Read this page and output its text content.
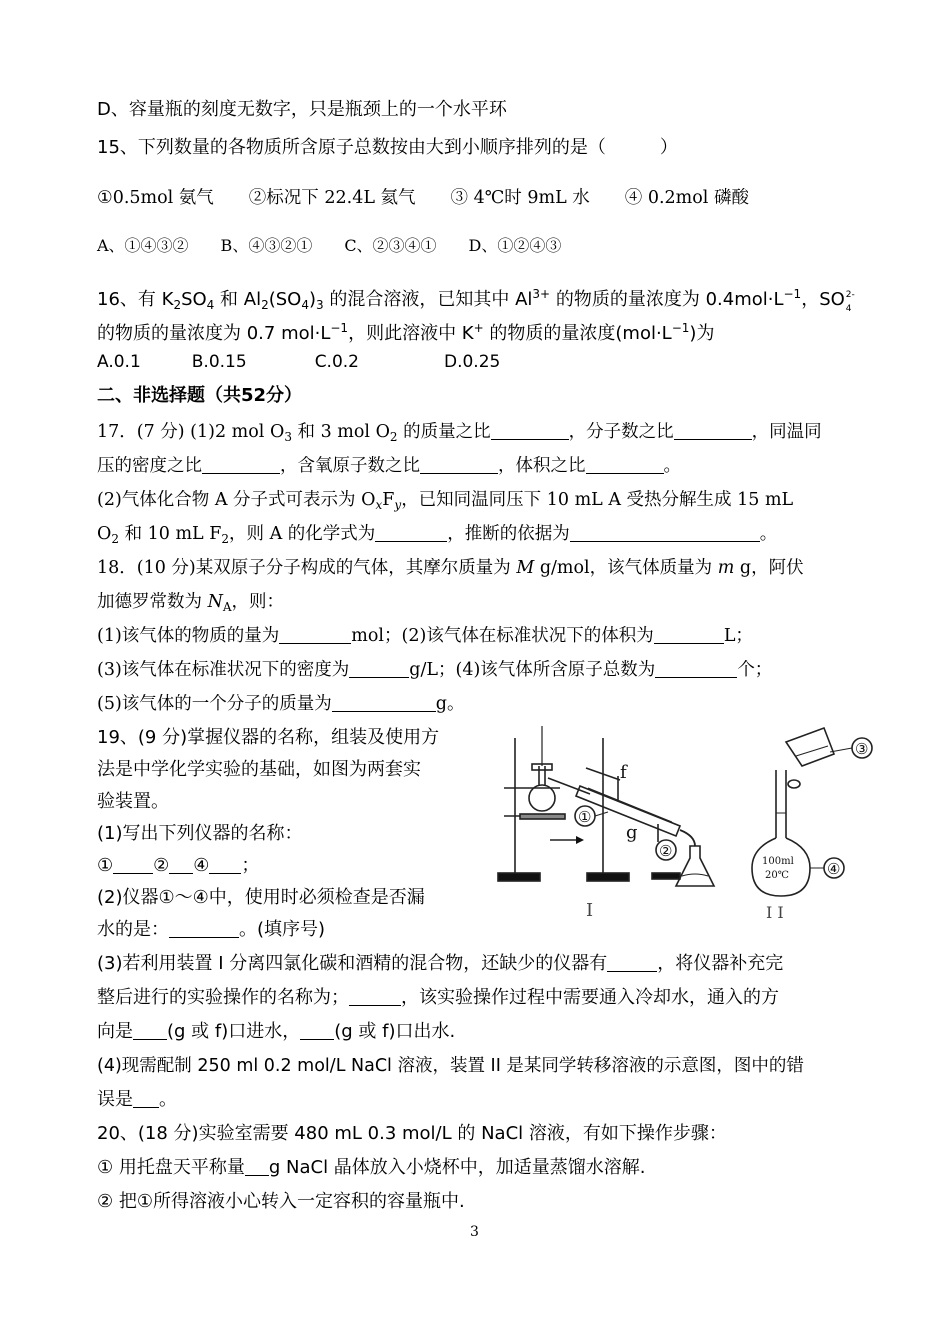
D、容量瓶的刻度无数字，只是瓶颈上的一个水平环
15、下列数量的各物质所含原子总数按由大到小顺序排列的是（　　　）
①0.5mol 氨气　　②标况下 22.4L 氦气　　③ 4℃时 9mL 水　　④ 0.2mol 磷酸
A、①④③②　　B、④③②①　　C、②③④①　　D、①②④③
16、有 $K_2SO_4$ 和 $Al_2(SO_4)_3$ 的混合溶液，已知其中 $Al^{3+}$ 的物质的量浓度为 $0.4mol\cdot L^{-1}$，SO 2-
4
的物质的量浓度为 0.7 $mol\cdot L^{-1}$，则此溶液中 K+ 的物质的量浓度$(mol\cdot L^{-1})$为
A.0.1　　　B.0.15　　　　C.0.2　　　　　D.0.25
二、非选择题（共52分）
17．(7 分) (1)2 mol $O_3$ 和 3 mol $O_2$ 的质量之比	，分子数之比	，同温同
压的密度之比	，含氧原子数之比	，体积之比	。
(2)气体化合物 A 分子式可表示为 $O_xF_y$，已知同温同压下 10 mL A 受热分解生成 15 mL
$O_2$ 和 10 mL $F_2$，则 A 的化学式为	，推断的依据为	。
18．(10 分)某双原子分子构成的气体，其摩尔质量为 M g/mol，该气体质量为 m g，阿伏
加德罗常数为 $N_A$，则：
(1)该气体的物质的量为	mol；(2)该气体在标准状况下的体积为	L；
(3)该气体在标准状况下的密度为	g/L；(4)该气体所含原子总数为	个；
(5)该气体的一个分子的质量为	g。
19、(9 分)掌握仪器的名称，组装及使用方
法是中学化学实验的基础，如图为两套实
验装置。
(1)写出下列仪器的名称：
① ② ④ ；
(2)仪器①～④中，使用时必须检查是否漏
水的是：	。(填序号)
(3)若利用装置 I 分离四氯化碳和酒精的混合物，还缺少的仪器有	，将仪器补充完
整后进行的实验操作的名称为；	，该实验操作过程中需要通入冷却水，通入的方
向是 (g 或 f)口进水， (g 或 f)口出水.
(4)现需配制 250 ml 0.2 mol/L NaCl 溶液，装置 II 是某同学转移溶液的示意图，图中的错
误是 。
20、(18 分)实验室需要 480 mL 0.3 mol/L 的 NaCl 溶液，有如下操作步骤：
① 用托盘天平称量 g NaCl 晶体放入小烧杯中，加适量蒸馏水溶解.
② 把①所得溶液小心转入一定容积的容量瓶中.
①
②
f
g
I
③
100ml
20℃	④
I I
3
